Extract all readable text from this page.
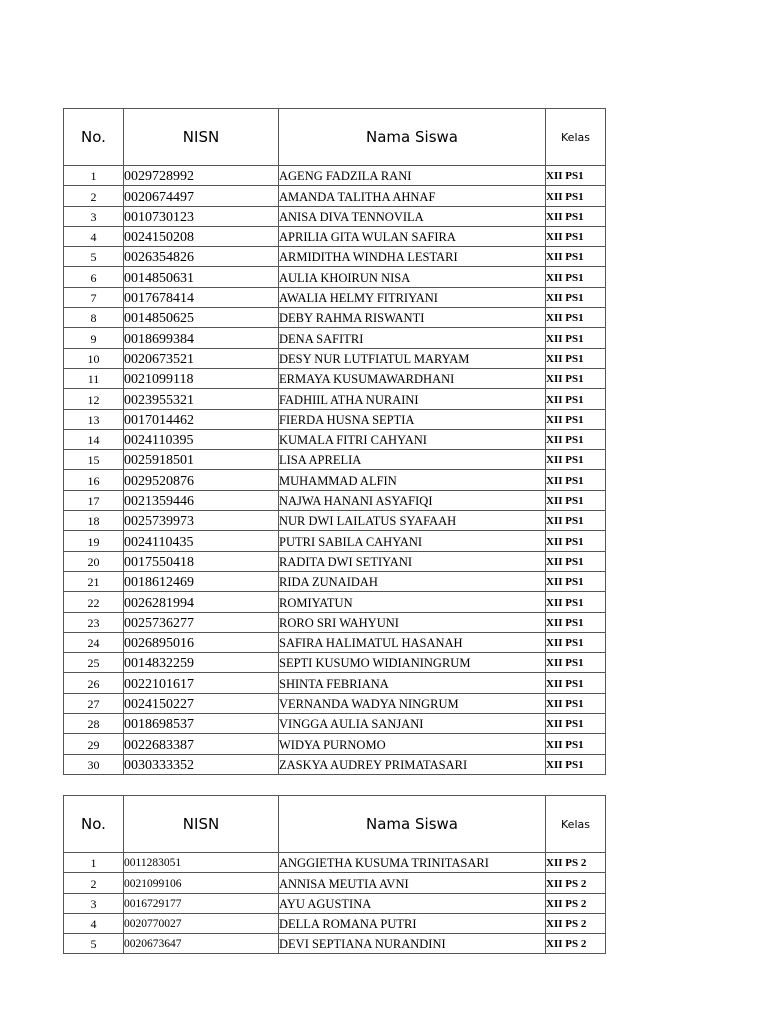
No.	NISN	Nama Siswa	Kelas
1	0029728992	AGENG FADZILA RANI	XII PS1
2	0020674497	AMANDA TALITHA AHNAF	XII PS1
3	0010730123	ANISA DIVA TENNOVILA	XII PS1
4	0024150208	APRILIA GITA WULAN SAFIRA	XII PS1
5	0026354826	ARMIDITHA WINDHA LESTARI	XII PS1
6	0014850631	AULIA KHOIRUN NISA	XII PS1
7	0017678414	AWALIA HELMY FITRIYANI	XII PS1
8	0014850625	DEBY RAHMA RISWANTI	XII PS1
9	0018699384	DENA SAFITRI	XII PS1
10	0020673521	DESY NUR LUTFIATUL MARYAM	XII PS1
11	0021099118	ERMAYA KUSUMAWARDHANI	XII PS1
12	0023955321	FADHIIL ATHA NURAINI	XII PS1
13	0017014462	FIERDA HUSNA SEPTIA	XII PS1
14	0024110395	KUMALA FITRI CAHYANI	XII PS1
15	0025918501	LISA APRELIA	XII PS1
16	0029520876	MUHAMMAD ALFIN	XII PS1
17	0021359446	NAJWA HANANI ASYAFIQI	XII PS1
18	0025739973	NUR DWI LAILATUS SYAFAAH	XII PS1
19	0024110435	PUTRI SABILA CAHYANI	XII PS1
20	0017550418	RADITA DWI SETIYANI	XII PS1
21	0018612469	RIDA ZUNAIDAH	XII PS1
22	0026281994	ROMIYATUN	XII PS1
23	0025736277	RORO SRI WAHYUNI	XII PS1
24	0026895016	SAFIRA HALIMATUL HASANAH	XII PS1
25	0014832259	SEPTI KUSUMO WIDIANINGRUM	XII PS1
26	0022101617	SHINTA FEBRIANA	XII PS1
27	0024150227	VERNANDA WADYA NINGRUM	XII PS1
28	0018698537	VINGGA AULIA SANJANI	XII PS1
29	0022683387	WIDYA PURNOMO	XII PS1
30	0030333352	ZASKYA AUDREY PRIMATASARI	XII PS1
No.	NISN	Nama Siswa	Kelas
1	0011283051	ANGGIETHA KUSUMA TRINITASARI	XII PS 2
2	0021099106	ANNISA MEUTIA AVNI	XII PS 2
3	0016729177	AYU AGUSTINA	XII PS 2
4	0020770027	DELLA ROMANA PUTRI	XII PS 2
5	0020673647	DEVI SEPTIANA NURANDINI	XII PS 2
